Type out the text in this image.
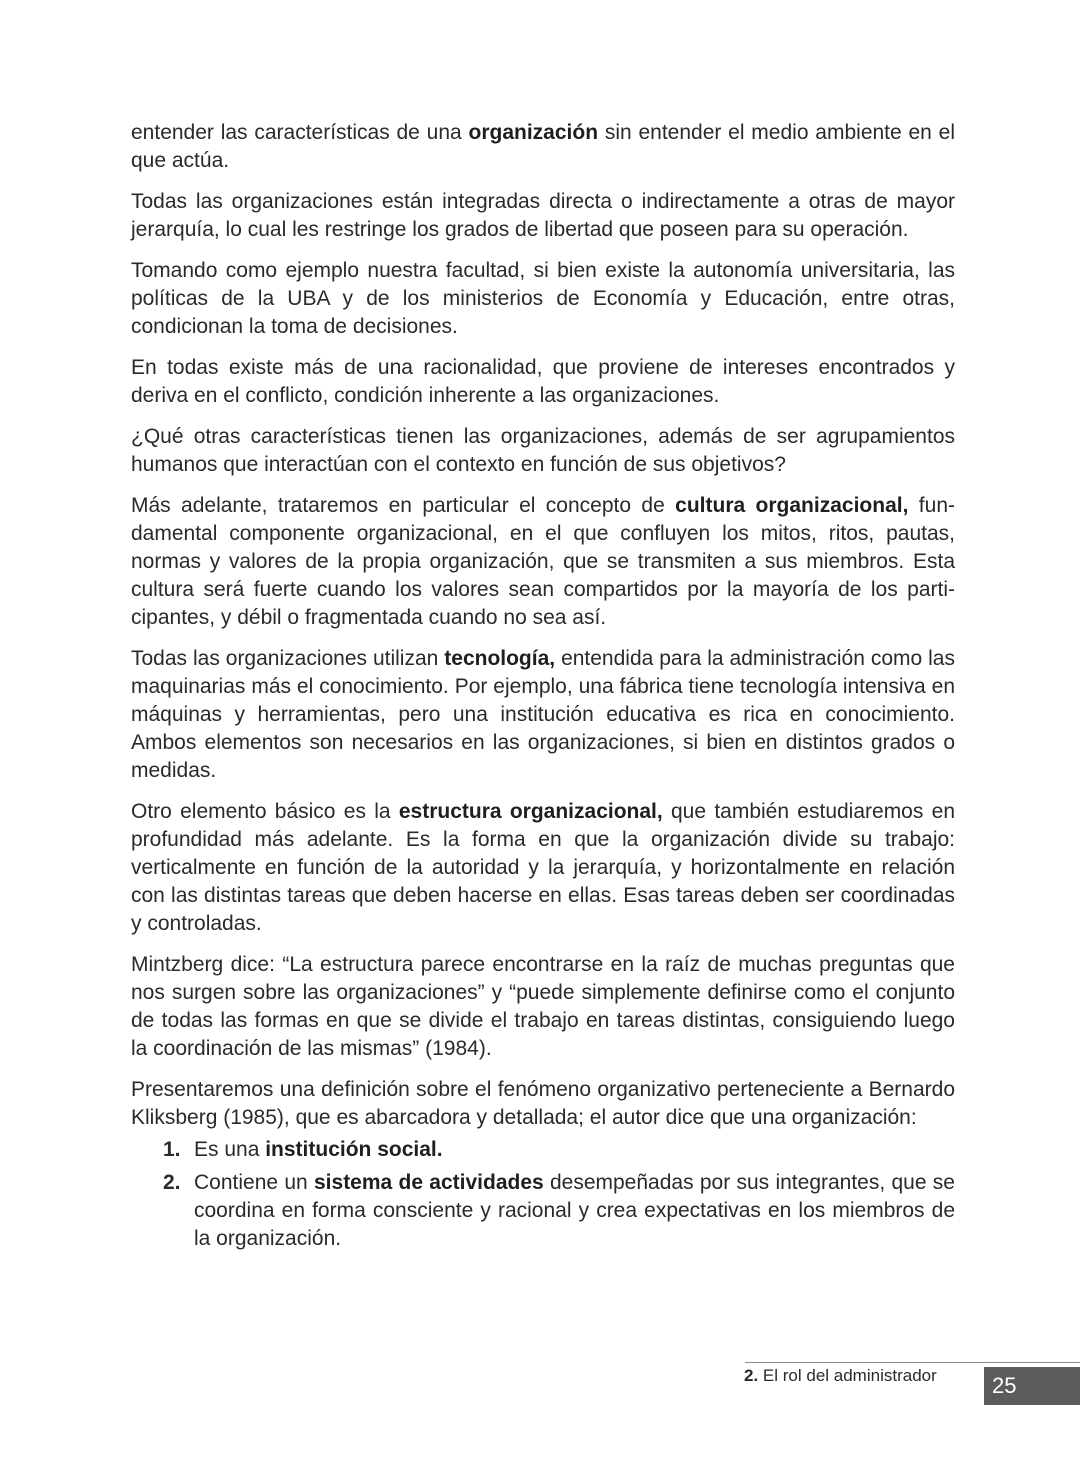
entender las características de una organización sin entender el medio ambiente en el que actúa.

Todas las organizaciones están integradas directa o indirectamente a otras de mayor jerarquía, lo cual les restringe los grados de libertad que poseen para su operación.

Tomando como ejemplo nuestra facultad, si bien existe la autonomía universitaria, las políticas de la UBA y de los ministerios de Economía y Educación, entre otras, condicionan la toma de decisiones.

En todas existe más de una racionalidad, que proviene de intereses encontrados y deriva en el conflicto, condición inherente a las organizaciones.

¿Qué otras características tienen las organizaciones, además de ser agrupamientos humanos que interactúan con el contexto en función de sus objetivos?

Más adelante, trataremos en particular el concepto de cultura organizacional, fundamental componente organizacional, en el que confluyen los mitos, ritos, pautas, normas y valores de la propia organización, que se transmiten a sus miembros. Esta cultura será fuerte cuando los valores sean compartidos por la mayoría de los participantes, y débil o fragmentada cuando no sea así.

Todas las organizaciones utilizan tecnología, entendida para la administración como las maquinarias más el conocimiento. Por ejemplo, una fábrica tiene tecnología intensiva en máquinas y herramientas, pero una institución educativa es rica en conocimiento. Ambos elementos son necesarios en las organizaciones, si bien en distintos grados o medidas.

Otro elemento básico es la estructura organizacional, que también estudiaremos en profundidad más adelante. Es la forma en que la organización divide su trabajo: verticalmente en función de la autoridad y la jerarquía, y horizontalmente en relación con las distintas tareas que deben hacerse en ellas. Esas tareas deben ser coordinadas y controladas.

Mintzberg dice: “La estructura parece encontrarse en la raíz de muchas preguntas que nos surgen sobre las organizaciones” y “puede simplemente definirse como el conjunto de todas las formas en que se divide el trabajo en tareas distintas, consiguiendo luego la coordinación de las mismas” (1984).

Presentaremos una definición sobre el fenómeno organizativo perteneciente a Bernardo Kliksberg (1985), que es abarcadora y detallada; el autor dice que una organización:

1. Es una institución social.
2. Contiene un sistema de actividades desempeñadas por sus integrantes, que se coordina en forma consciente y racional y crea expectativas en los miembros de la organización.
2. El rol del administrador	25
